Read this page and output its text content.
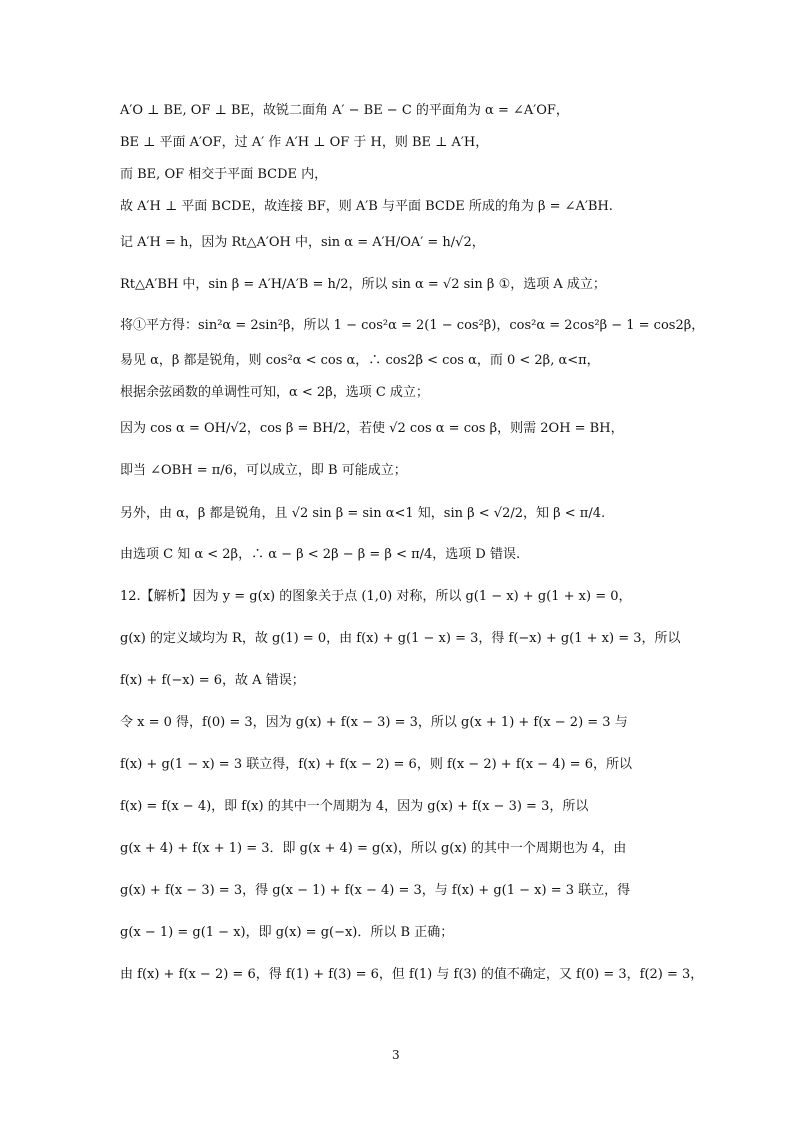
A′O ⊥ BE, OF ⊥ BE，故锐二面角 A′ − BE − C 的平面角为 α = ∠A′OF，
BE ⊥ 平面 A′OF，过 A′ 作 A′H ⊥ OF 于 H，则 BE ⊥ A′H，
而 BE, OF 相交于平面 BCDE 内，
故 A′H ⊥ 平面 BCDE，故连接 BF，则 A′B 与平面 BCDE 所成的角为 β = ∠A′BH.
记 A′H = h，因为 Rt△A′OH 中，sin α = A′H/OA′ = h/√2，
Rt△A′BH 中，sin β = A′H/A′B = h/2，所以 sin α = √2 sin β ①，选项 A 成立；
将①平方得：sin²α = 2sin²β，所以 1 − cos²α = 2(1 − cos²β)，cos²α = 2cos²β − 1 = cos2β，
易见 α，β 都是锐角，则 cos²α < cos α，∴ cos2β < cos α，而 0 < 2β, α<π，
根据余弦函数的单调性可知，α < 2β，选项 C 成立；
因为 cos α = OH/√2，cos β = BH/2，若使 √2 cos α = cos β，则需 2OH = BH，
即当 ∠OBH = π/6，可以成立，即 B 可能成立；
另外，由 α，β 都是锐角，且 √2 sin β = sin α<1 知，sin β < √2/2，知 β < π/4.
由选项 C 知 α < 2β，∴ α − β < 2β − β = β < π/4，选项 D 错误.
12.【解析】因为 y = g(x) 的图象关于点 (1,0) 对称，所以 g(1 − x) + g(1 + x) = 0，
g(x) 的定义域均为 R，故 g(1) = 0，由 f(x) + g(1 − x) = 3，得 f(−x) + g(1 + x) = 3，所以
f(x) + f(−x) = 6，故 A 错误；
令 x = 0 得，f(0) = 3，因为 g(x) + f(x − 3) = 3，所以 g(x + 1) + f(x − 2) = 3 与
f(x) + g(1 − x) = 3 联立得，f(x) + f(x − 2) = 6，则 f(x − 2) + f(x − 4) = 6，所以
f(x) = f(x − 4)，即 f(x) 的其中一个周期为 4，因为 g(x) + f(x − 3) = 3，所以
g(x + 4) + f(x + 1) = 3．即 g(x + 4) = g(x)，所以 g(x) 的其中一个周期也为 4，由
g(x) + f(x − 3) = 3，得 g(x − 1) + f(x − 4) = 3，与 f(x) + g(1 − x) = 3 联立，得
g(x − 1) = g(1 − x)，即 g(x) = g(−x)．所以 B 正确；
由 f(x) + f(x − 2) = 6，得 f(1) + f(3) = 6，但 f(1) 与 f(3) 的值不确定，又 f(0) = 3，f(2) = 3，
3
